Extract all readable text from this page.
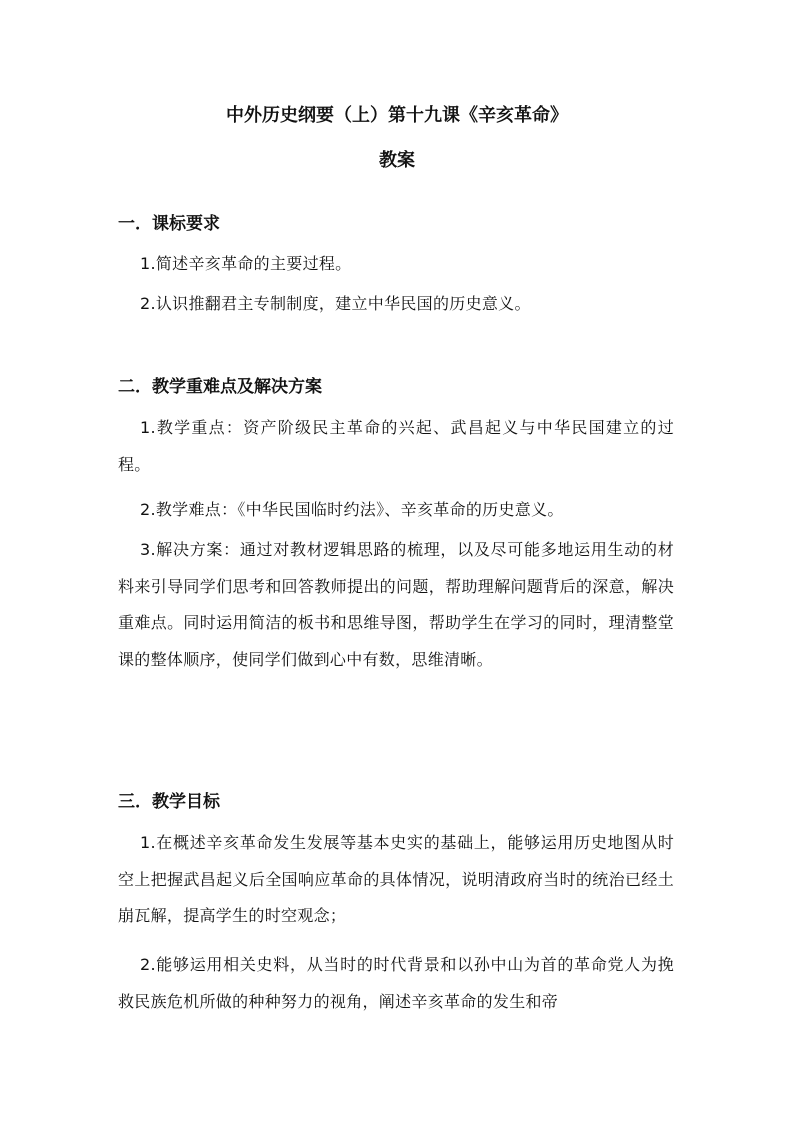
中外历史纲要（上）第十九课《辛亥革命》
教案
一．课标要求
1.简述辛亥革命的主要过程。
2.认识推翻君主专制制度，建立中华民国的历史意义。
二．教学重难点及解决方案
1.教学重点：资产阶级民主革命的兴起、武昌起义与中华民国建立的过程。
2.教学难点：《中华民国临时约法》、辛亥革命的历史意义。
3.解决方案：通过对教材逻辑思路的梳理，以及尽可能多地运用生动的材料来引导同学们思考和回答教师提出的问题，帮助理解问题背后的深意，解决重难点。同时运用简洁的板书和思维导图，帮助学生在学习的同时，理清整堂课的整体顺序，使同学们做到心中有数，思维清晰。
三．教学目标
1.在概述辛亥革命发生发展等基本史实的基础上，能够运用历史地图从时空上把握武昌起义后全国响应革命的具体情况，说明清政府当时的统治已经土崩瓦解，提高学生的时空观念；
2.能够运用相关史料，从当时的时代背景和以孙中山为首的革命党人为挽救民族危机所做的种种努力的视角，阐述辛亥革命的发生和帝
